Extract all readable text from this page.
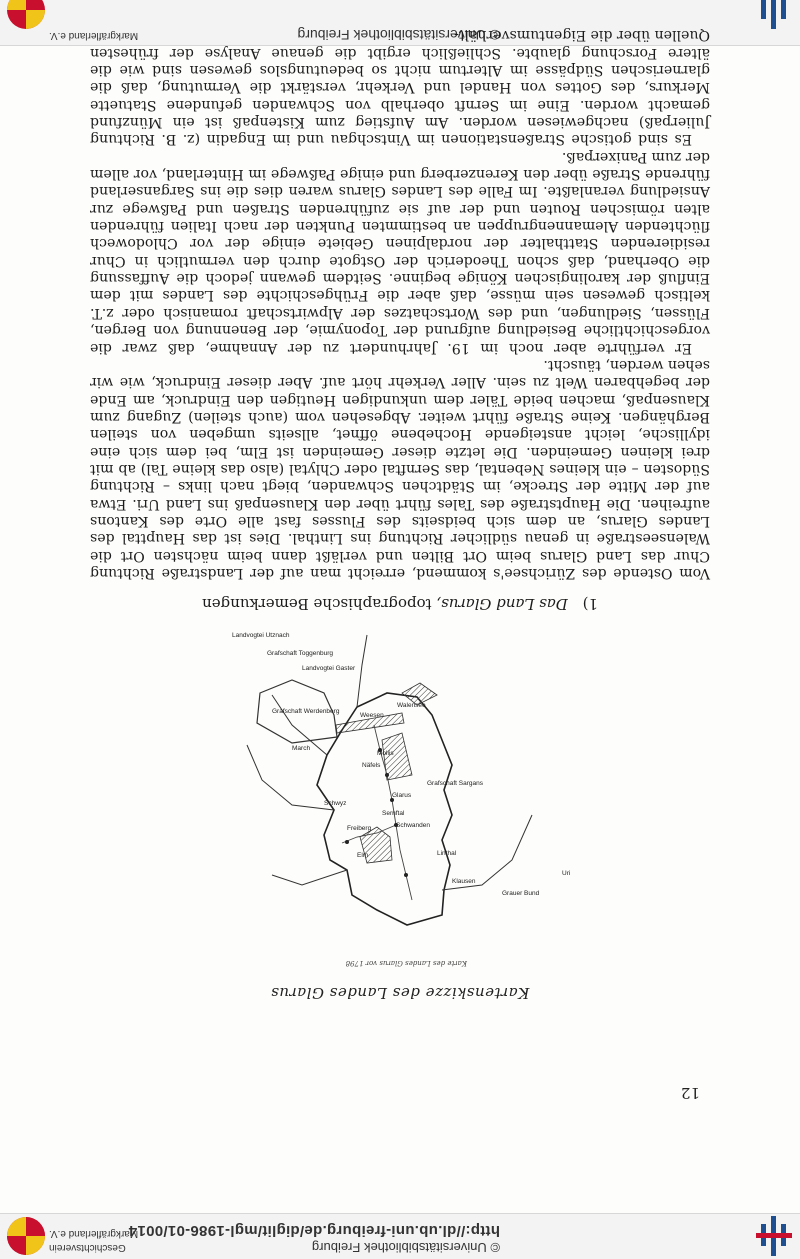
© Universitätsbibliothek Freiburg
http://dl.ub.uni-freiburg.de/diglit/mgl-1986-01/0014
Geschichtsverein
Markgräflerland e.V.
© Universitätsbibliothek Freiburg
Markgräflerland e.V.
12
Kartenskizze des Landes Glarus
Karte des Landes Glarus vor 1798
Uri
Grauer Bund
Klausen
Linthal
Schwyz
Freiberg
Elm
Sernftal
Schwanden
Glarus
Näfels
Mollis
Grafschaft Sargans
Weesen
Walensee
Grafschaft Werdenberg
March
Landvogtei Gaster
Grafschaft Toggenburg
Landvogtei Utznach

Vom Ostende des Zürichsee's kommend, erreicht man auf der Landstraße Richtung Chur das Land Glarus beim Ort Bilten und verläßt dann beim nächsten Ort die Walenseestraße in genau südlicher Richtung ins Linthal. Dies ist das Haupttal des Landes Glarus, an dem sich beidseits des Flusses fast alle Orte des Kantons aufreihen. Die Hauptstraße des Tales führt über den Klausenpaß ins Land Uri. Etwa auf der Mitte der Strecke, im Städtchen Schwanden, biegt nach links – Richtung Südosten – ein kleines Nebental, das Sernftal oder Chlytal (also das kleine Tal) ab mit drei kleinen Gemeinden. Die letzte dieser Gemeinden ist Elm, bei dem sich eine idyllische, leicht ansteigende Hochebene öffnet, allseits umgeben von steilen Berghängen. Keine Straße führt weiter. Abgesehen vom (auch steilen) Zugang zum Klausenpaß, machen beide Täler dem unkundigen Heutigen den Eindruck, am Ende der begehbaren Welt zu sein. Aller Verkehr hört auf. Aber dieser Eindruck, wie wir sehen werden, täuscht.

Er verführte aber noch im 19. Jahrhundert zu der Annahme, daß zwar die vorgeschichtliche Besiedlung aufgrund der Toponymie, der Benennung von Bergen, Flüssen, Siedlungen, und des Wortschatzes der Alpwirtschaft romanisch oder z.T. keltisch gewesen sein müsse, daß aber die Frühgeschichte des Landes mit dem Einfluß der karolingischen Könige beginne. Seitdem gewann jedoch die Auffassung die Oberhand, daß schon Theoderich der Ostgote durch den vermutlich in Chur residierenden Statthalter der nordalpinen Gebiete einige der vor Chlodowech flüchtenden Alemannengruppen an bestimmten Punkten der nach Italien führenden alten römischen Routen und der auf sie zuführenden Straßen und Paßwege zur Ansiedlung veranlaßte. Im Falle des Landes Glarus waren dies die ins Sarganserland führende Straße über den Kerenzerberg und einige Paßwege im Hinterland, vor allem der zum Panixerpaß.

Es sind gotische Straßenstationen im Vintschgau und im Engadin (z. B. Richtung Julierpaß) nachgewiesen worden. Am Aufstieg zum Kistenpaß ist ein Münzfund gemacht worden. Eine im Sernft oberhalb von Schwanden gefundene Statuette Merkurs, des Gottes von Handel und Verkehr, verstärkt die Vermutung, daß die glarnerischen Südpässe im Altertum nicht so bedeutungslos gewesen sind wie die ältere Forschung glaubte. Schließlich ergibt die genaue Analyse der frühesten Quellen über die Eigentumsverhält-

1) Das Land Glarus, topographische Bemerkungen
